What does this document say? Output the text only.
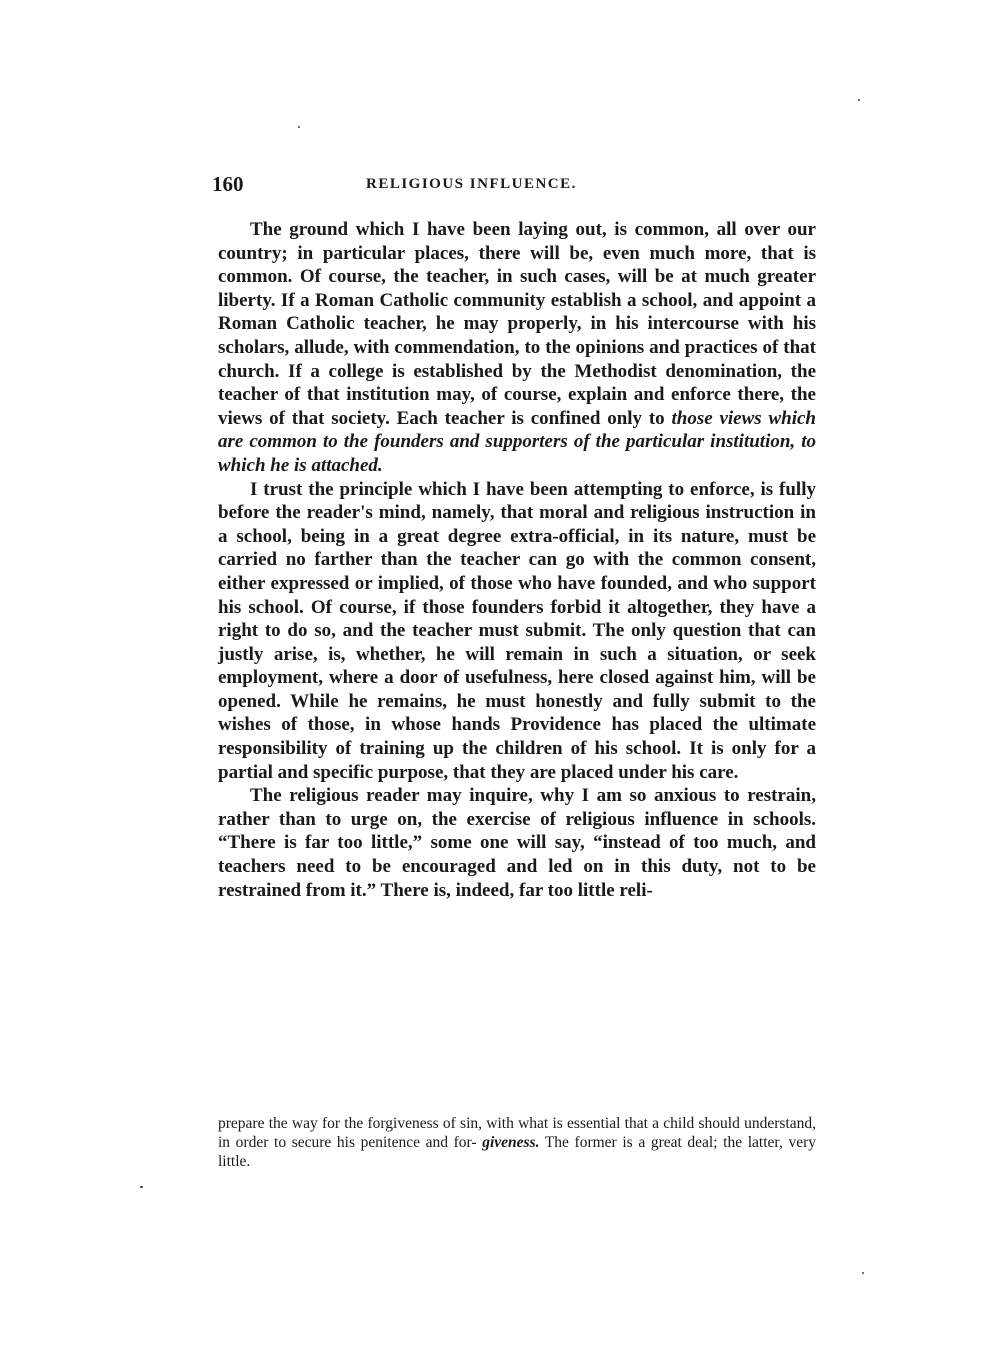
160	RELIGIOUS INFLUENCE.

The ground which I have been laying out, is common, all over our country; in particular places, there will be, even much more, that is common. Of course, the teacher, in such cases, will be at much greater liberty. If a Roman Catholic community establish a school, and appoint a Roman Catholic teacher, he may properly, in his intercourse with his scholars, allude, with commendation, to the opinions and practices of that church. If a college is established by the Methodist denomination, the teacher of that institution may, of course, explain and enforce there, the views of that society. Each teacher is confined only to those views which are common to the founders and supporters of the particular institution, to which he is attached.

I trust the principle which I have been attempting to enforce, is fully before the reader's mind, namely, that moral and religious instruction in a school, being in a great degree extra-official, in its nature, must be carried no farther than the teacher can go with the common consent, either expressed or implied, of those who have founded, and who support his school. Of course, if those founders forbid it altogether, they have a right to do so, and the teacher must submit. The only question that can justly arise, is, whether, he will remain in such a situation, or seek employment, where a door of usefulness, here closed against him, will be opened. While he remains, he must honestly and fully submit to the wishes of those, in whose hands Providence has placed the ultimate responsibility of training up the children of his school. It is only for a partial and specific purpose, that they are placed under his care.

The religious reader may inquire, why I am so anxious to restrain, rather than to urge on, the exercise of religious influence in schools. “There is far too little,” some one will say, “instead of too much, and teachers need to be encouraged and led on in this duty, not to be restrained from it.” There is, indeed, far too little reli-

prepare the way for the forgiveness of sin, with what is essential that a child should understand, in order to secure his penitence and for- giveness. The former is a great deal; the latter, very little.
